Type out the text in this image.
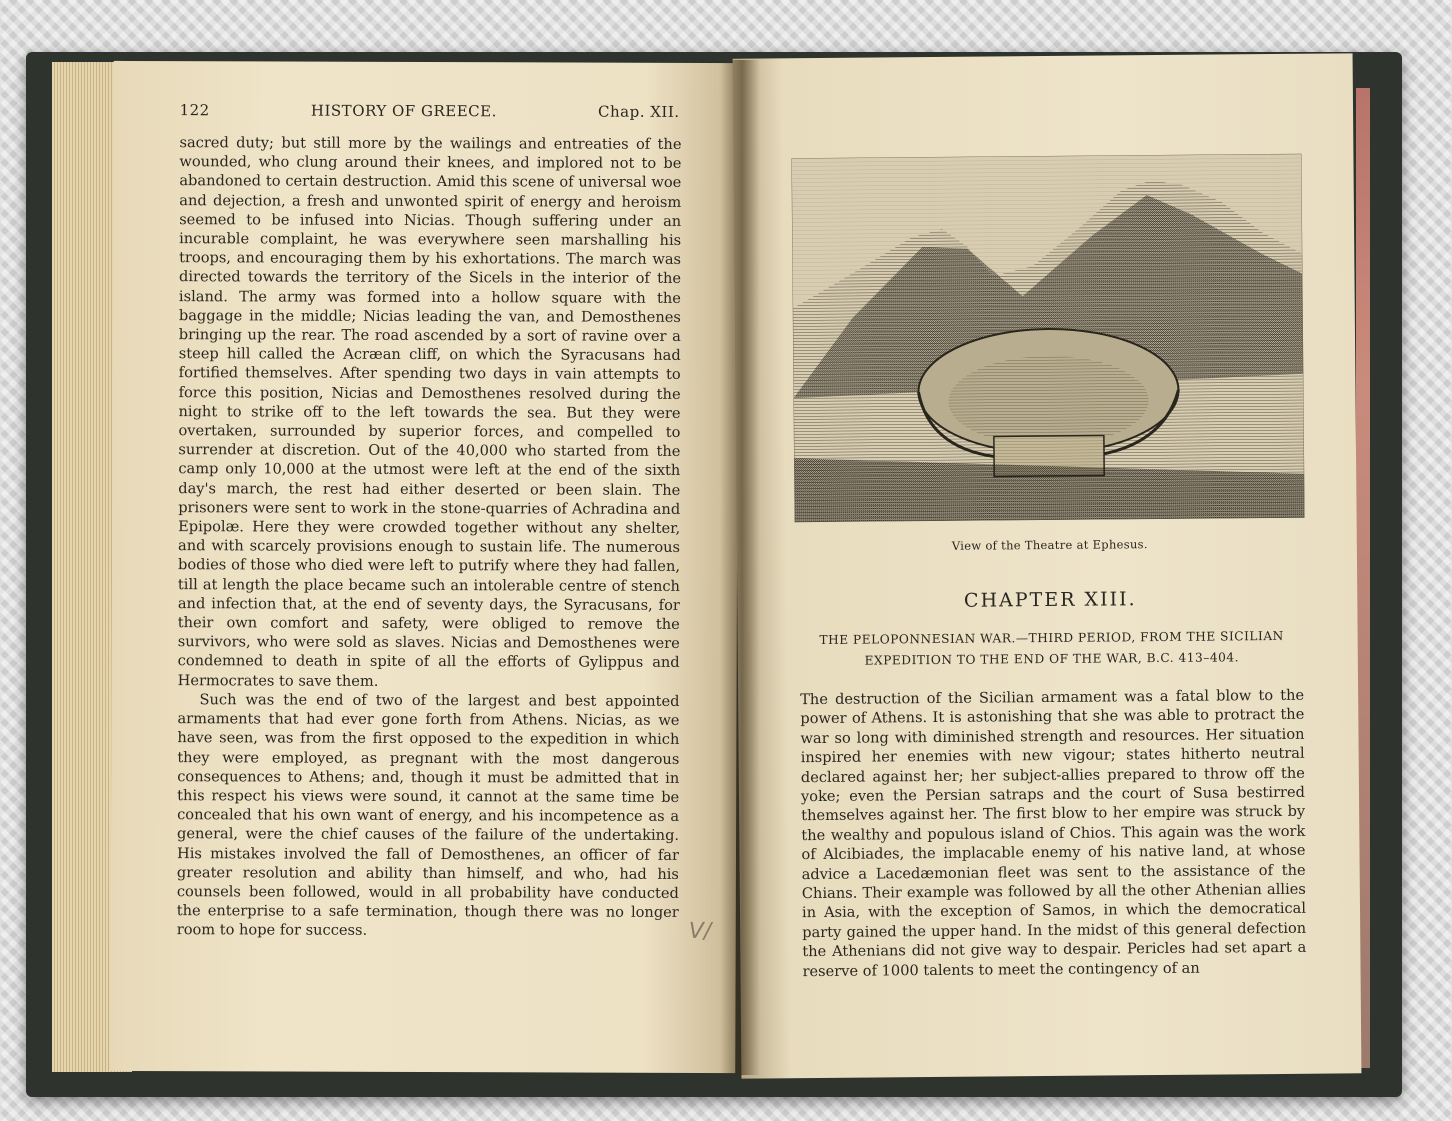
122	HISTORY OF GREECE.	Chap. XII.

sacred duty; but still more by the wailings and entreaties of the wounded, who clung around their knees, and implored not to be abandoned to certain destruction. Amid this scene of universal woe and dejection, a fresh and unwonted spirit of energy and heroism seemed to be infused into Nicias. Though suffering under an incurable complaint, he was everywhere seen marshalling his troops, and encouraging them by his exhortations. The march was directed towards the territory of the Sicels in the interior of the island. The army was formed into a hollow square with the baggage in the middle; Nicias leading the van, and Demosthenes bringing up the rear. The road ascended by a sort of ravine over a steep hill called the Acræan cliff, on which the Syracusans had fortified themselves. After spending two days in vain attempts to force this position, Nicias and Demosthenes resolved during the night to strike off to the left towards the sea. But they were overtaken, surrounded by superior forces, and compelled to surrender at discretion. Out of the 40,000 who started from the camp only 10,000 at the utmost were left at the end of the sixth day's march, the rest had either deserted or been slain. The prisoners were sent to work in the stone-quarries of Achradina and Epipolæ. Here they were crowded together without any shelter, and with scarcely provisions enough to sustain life. The numerous bodies of those who died were left to putrify where they had fallen, till at length the place became such an intolerable centre of stench and infection that, at the end of seventy days, the Syracusans, for their own comfort and safety, were obliged to remove the survivors, who were sold as slaves. Nicias and Demosthenes were condemned to death in spite of all the efforts of Gylippus and Hermocrates to save them.

Such was the end of two of the largest and best appointed armaments that had ever gone forth from Athens. Nicias, as we have seen, was from the first opposed to the expedition in which they were employed, as pregnant with the most dangerous consequences to Athens; and, though it must be admitted that in this respect his views were sound, it cannot at the same time be concealed that his own want of energy, and his incompetence as a general, were the chief causes of the failure of the undertaking. His mistakes involved the fall of Demosthenes, an officer of far greater resolution and ability than himself, and who, had his counsels been followed, would in all probability have conducted the enterprise to a safe termination, though there was no longer room to hope for success.	V/
View of the Theatre at Ephesus.
CHAPTER XIII.
THE PELOPONNESIAN WAR.—THIRD PERIOD, FROM THE SICILIAN
EXPEDITION TO THE END OF THE WAR, B.C. 413–404.

The destruction of the Sicilian armament was a fatal blow to the power of Athens. It is astonishing that she was able to protract the war so long with diminished strength and resources. Her situation inspired her enemies with new vigour; states hitherto neutral declared against her; her subject-allies prepared to throw off the yoke; even the Persian satraps and the court of Susa bestirred themselves against her. The first blow to her empire was struck by the wealthy and populous island of Chios. This again was the work of Alcibiades, the implacable enemy of his native land, at whose advice a Lacedæmonian fleet was sent to the assistance of the Chians. Their example was followed by all the other Athenian allies in Asia, with the exception of Samos, in which the democratical party gained the upper hand. In the midst of this general defection the Athenians did not give way to despair. Pericles had set apart a reserve of 1000 talents to meet the contingency of an
